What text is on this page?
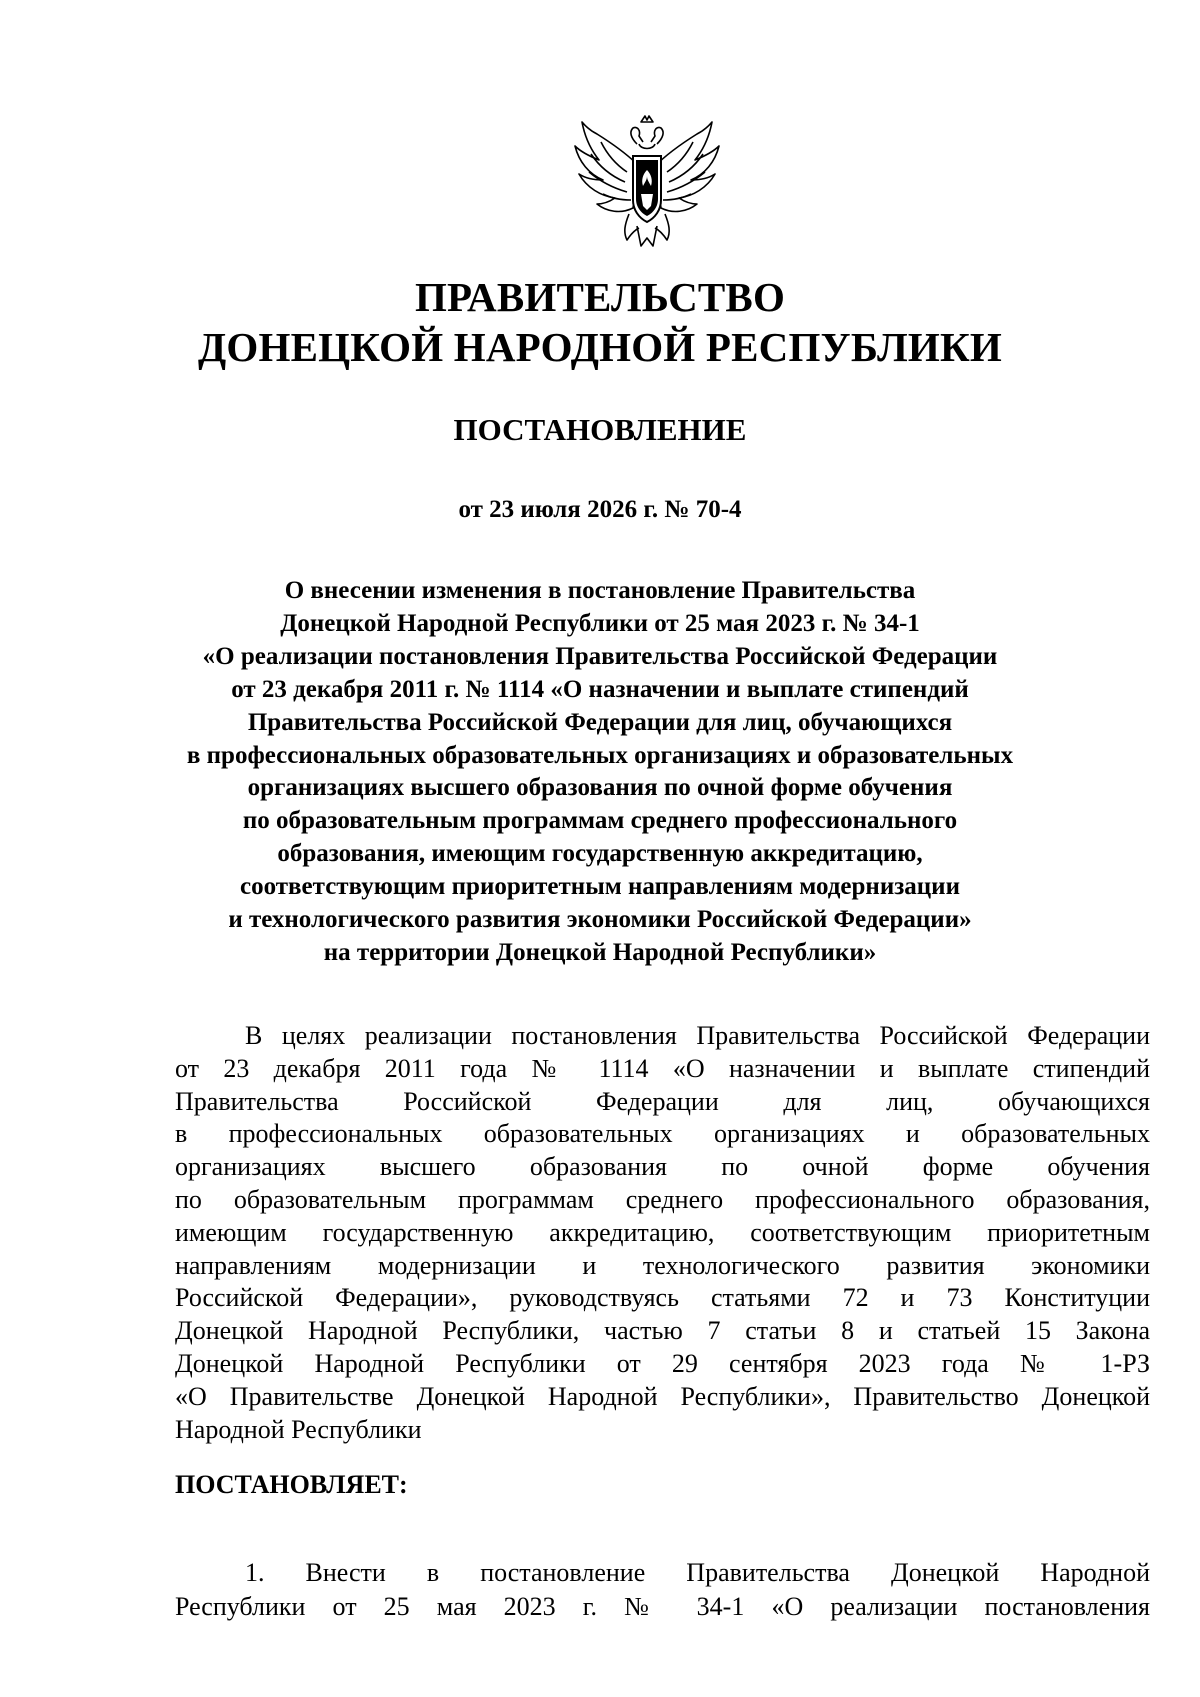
ПРАВИТЕЛЬСТВО
ДОНЕЦКОЙ НАРОДНОЙ РЕСПУБЛИКИ
ПОСТАНОВЛЕНИЕ
от 23 июля 2026 г. № 70-4
О внесении изменения в постановление Правительства
Донецкой Народной Республики от 25 мая 2023 г. № 34-1
«О реализации постановления Правительства Российской Федерации
от 23 декабря 2011 г. № 1114 «О назначении и выплате стипендий
Правительства Российской Федерации для лиц, обучающихся
в профессиональных образовательных организациях и образовательных
организациях высшего образования по очной форме обучения
по образовательным программам среднего профессионального
образования, имеющим государственную аккредитацию,
соответствующим приоритетным направлениям модернизации
и технологического развития экономики Российской Федерации»
на территории Донецкой Народной Республики»
В целях реализации постановления Правительства Российской Федерации
от 23 декабря 2011 года № 1114 «О назначении и выплате стипендий
Правительства Российской Федерации для лиц, обучающихся
в профессиональных образовательных организациях и образовательных
организациях высшего образования по очной форме обучения
по образовательным программам среднего профессионального образования,
имеющим государственную аккредитацию, соответствующим приоритетным
направлениям модернизации и технологического развития экономики
Российской Федерации», руководствуясь статьями 72 и 73 Конституции
Донецкой Народной Республики, частью 7 статьи 8 и статьей 15 Закона
Донецкой Народной Республики от 29 сентября 2023 года № 1-РЗ
«О Правительстве Донецкой Народной Республики», Правительство Донецкой
Народной Республики
ПОСТАНОВЛЯЕТ:
1. Внести в постановление Правительства Донецкой Народной
Республики от 25 мая 2023 г. № 34-1 «О реализации постановления
